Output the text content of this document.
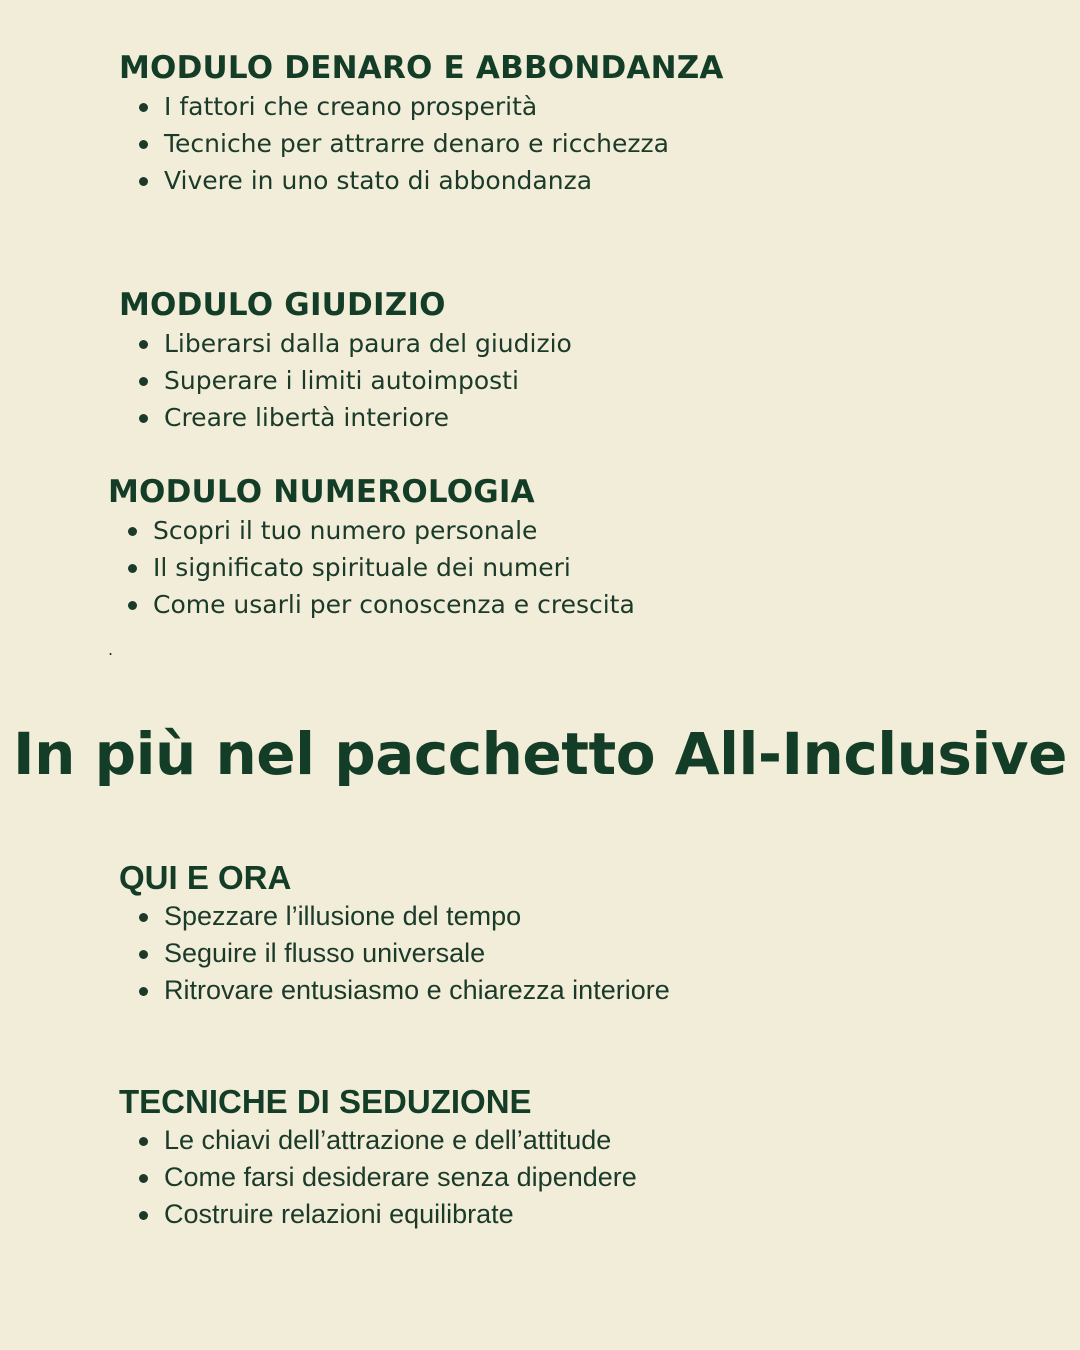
MODULO DENARO E ABBONDANZA
I fattori che creano prosperità
Tecniche per attrarre denaro e ricchezza
Vivere in uno stato di abbondanza
MODULO GIUDIZIO
Liberarsi dalla paura del giudizio
Superare i limiti autoimposti
Creare libertà interiore
MODULO NUMEROLOGIA
Scopri il tuo numero personale
Il significato spirituale dei numeri
Come usarli per conoscenza e crescita
.
In più nel pacchetto All-Inclusive
QUI E ORA
Spezzare l’illusione del tempo
Seguire il flusso universale
Ritrovare entusiasmo e chiarezza interiore
TECNICHE DI SEDUZIONE
Le chiavi dell’attrazione e dell’attitude
Come farsi desiderare senza dipendere
Costruire relazioni equilibrate
